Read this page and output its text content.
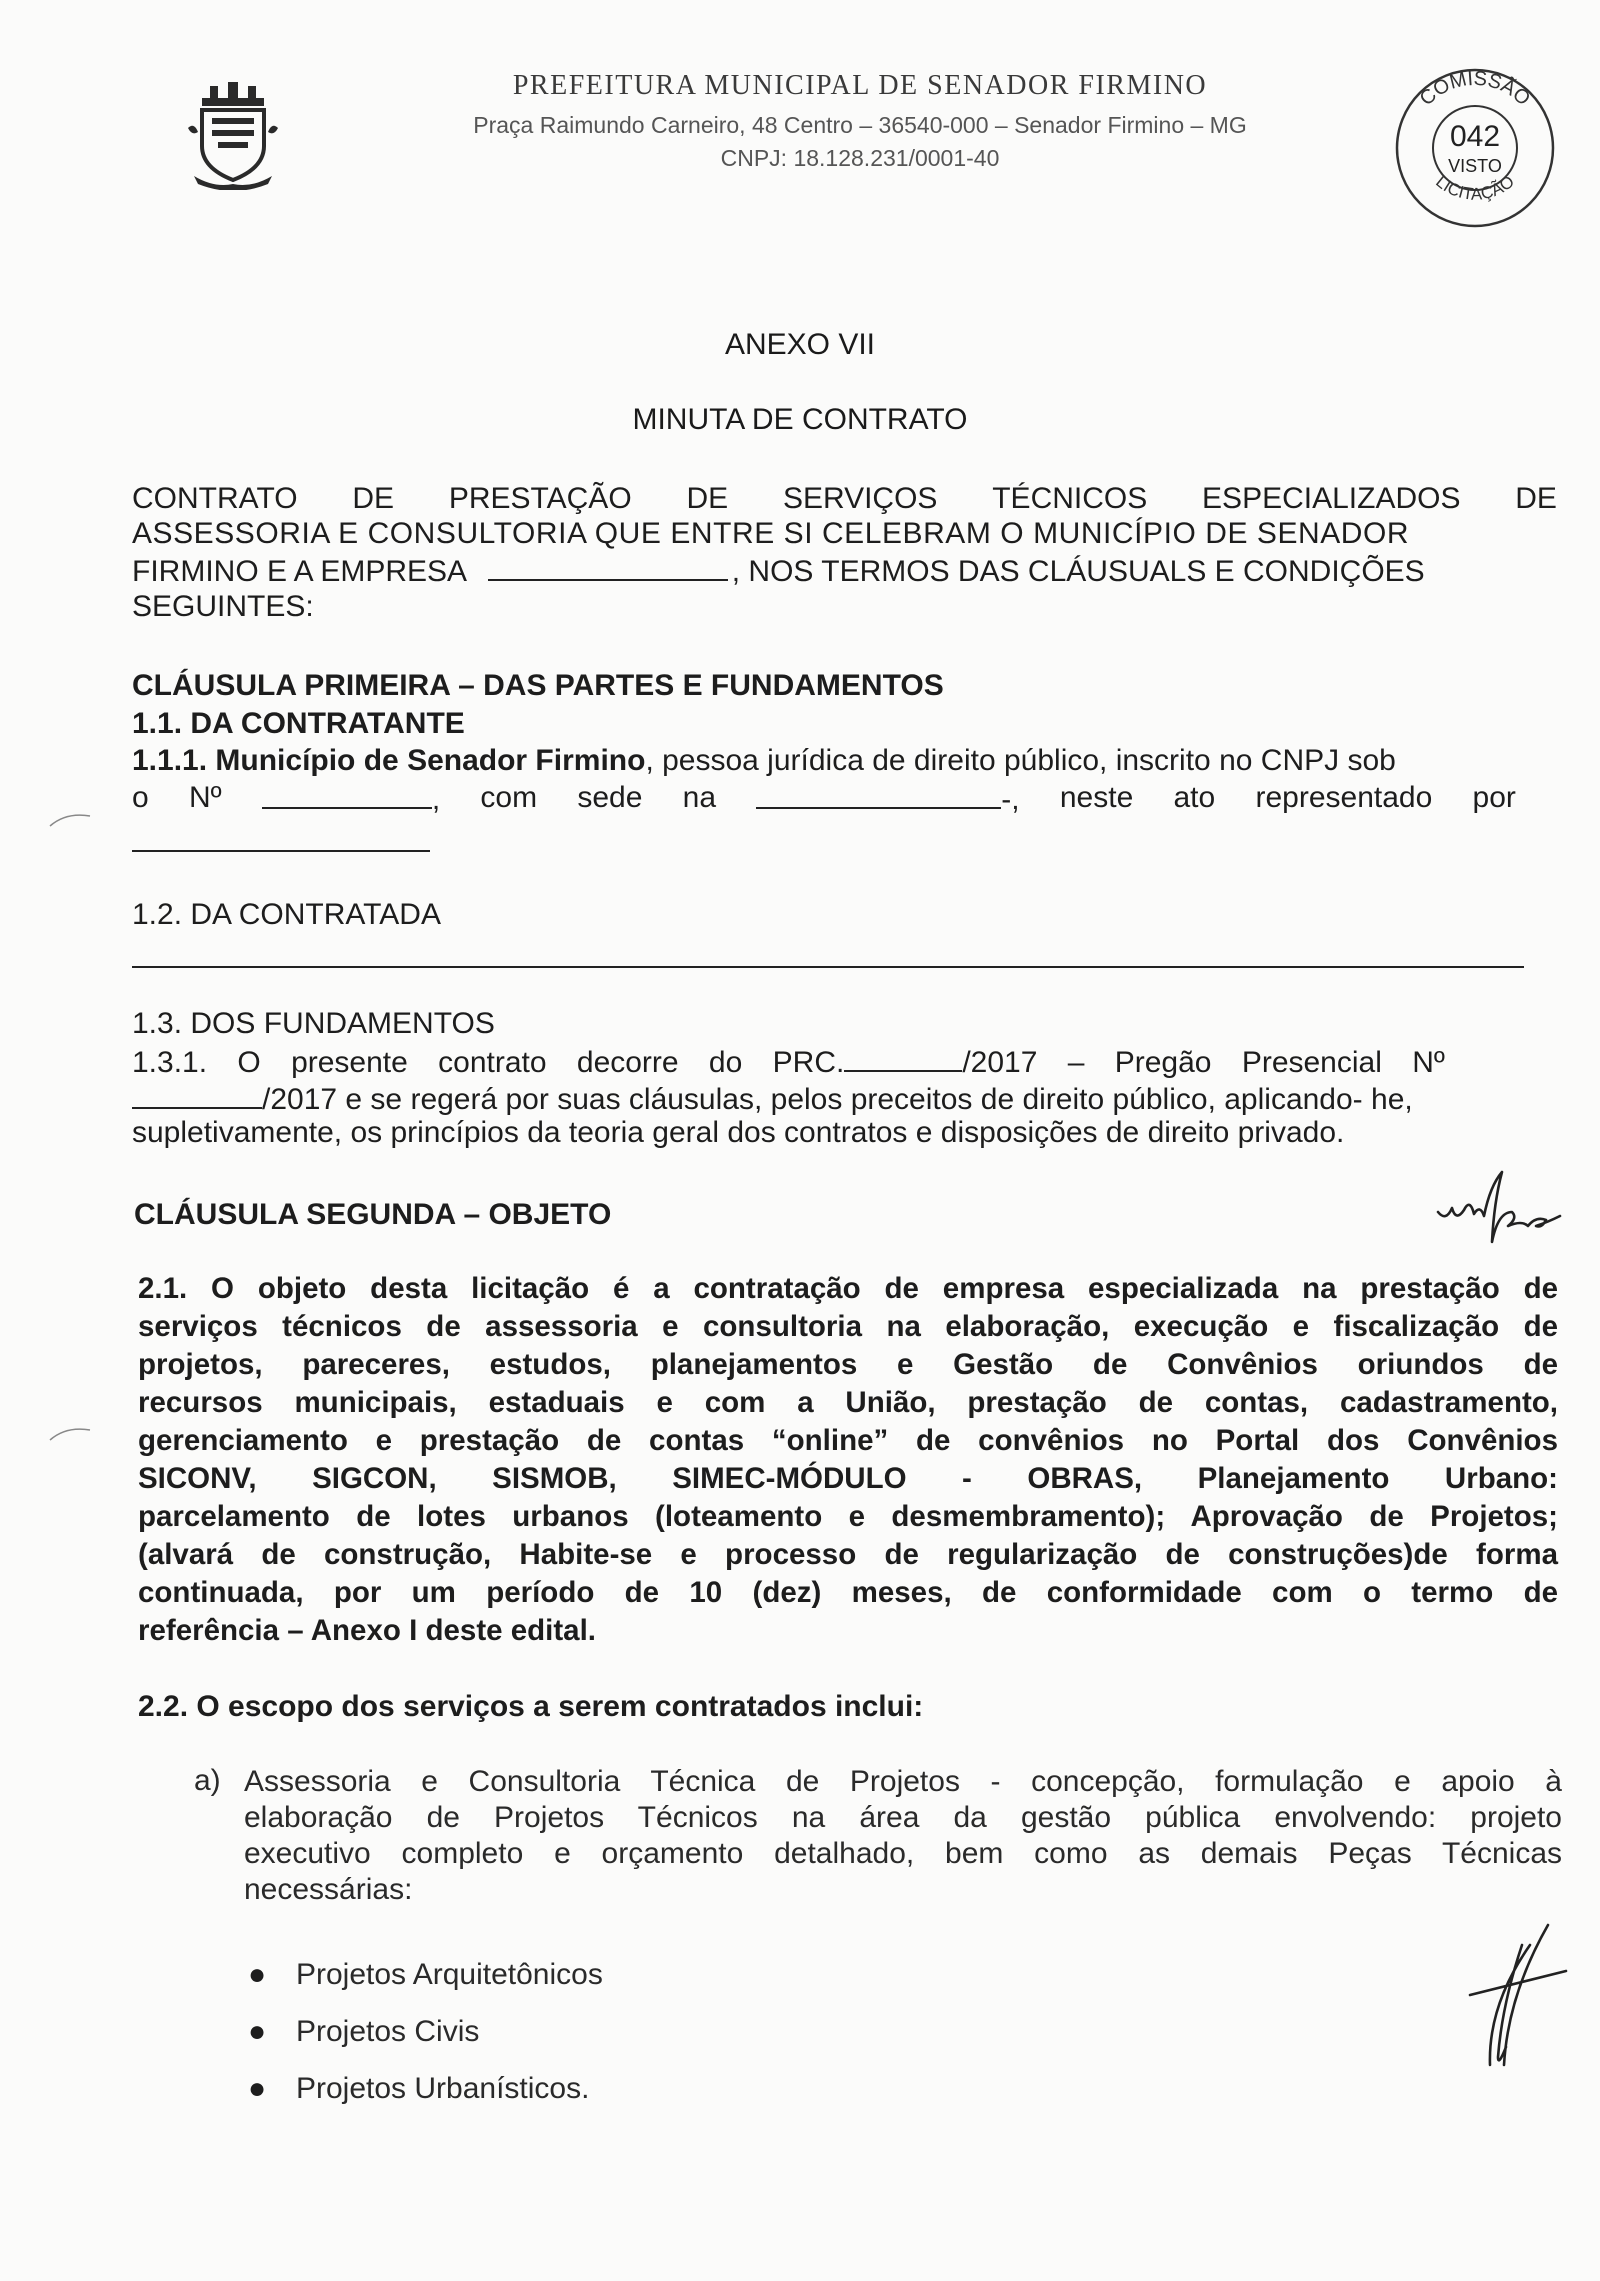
PREFEITURA MUNICIPAL DE SENADOR FIRMINO
Praça Raimundo Carneiro, 48 Centro – 36540-000 – Senador Firmino – MG
CNPJ: 18.128.231/0001-40
COMISSÃO
LICITAÇÃO
042
VISTO
ANEXO VII
MINUTA DE CONTRATO
CONTRATO DE PRESTAÇÃO DE SERVIÇOS TÉCNICOS ESPECIALIZADOS DE
ASSESSORIA E CONSULTORIA QUE ENTRE SI CELEBRAM O MUNICÍPIO DE SENADOR
FIRMINO E A EMPRESA	, NOS TERMOS DAS CLÁUSUALS E CONDIÇÕES
SEGUINTES:
CLÁUSULA PRIMEIRA – DAS PARTES E FUNDAMENTOS
1.1. DA CONTRATANTE
1.1.1. Município de Senador Firmino, pessoa jurídica de direito público, inscrito no CNPJ sob
o Nº	, com sede na	-, neste ato representado por
1.2. DA CONTRATADA
1.3. DOS FUNDAMENTOS
1.3.1. O presente contrato decorre do PRC.	/2017 – Pregão Presencial Nº
/2017 e se regerá por suas cláusulas, pelos preceitos de direito público, aplicando- he,
supletivamente, os princípios da teoria geral dos contratos e disposições de direito privado.
CLÁUSULA SEGUNDA – OBJETO
2.1. O objeto desta licitação é a contratação de empresa especializada na prestação de
serviços técnicos de assessoria e consultoria na elaboração, execução e fiscalização de
projetos, pareceres, estudos, planejamentos e Gestão de Convênios oriundos de
recursos municipais, estaduais e com a União, prestação de contas, cadastramento,
gerenciamento e prestação de contas “online” de convênios no Portal dos Convênios
SICONV, SIGCON, SISMOB, SIMEC-MÓDULO - OBRAS, Planejamento Urbano:
parcelamento de lotes urbanos (loteamento e desmembramento); Aprovação de Projetos;
(alvará de construção, Habite-se e processo de regularização de construções)de forma
continuada, por um período de 10 (dez) meses, de conformidade com o termo de
referência – Anexo I deste edital.
2.2. O escopo dos serviços a serem contratados inclui:
a) Assessoria e Consultoria Técnica de Projetos - concepção, formulação e apoio à
elaboração de Projetos Técnicos na área da gestão pública envolvendo: projeto
executivo completo e orçamento detalhado, bem como as demais Peças Técnicas
necessárias:
● Projetos Arquitetônicos
● Projetos Civis
● Projetos Urbanísticos.
